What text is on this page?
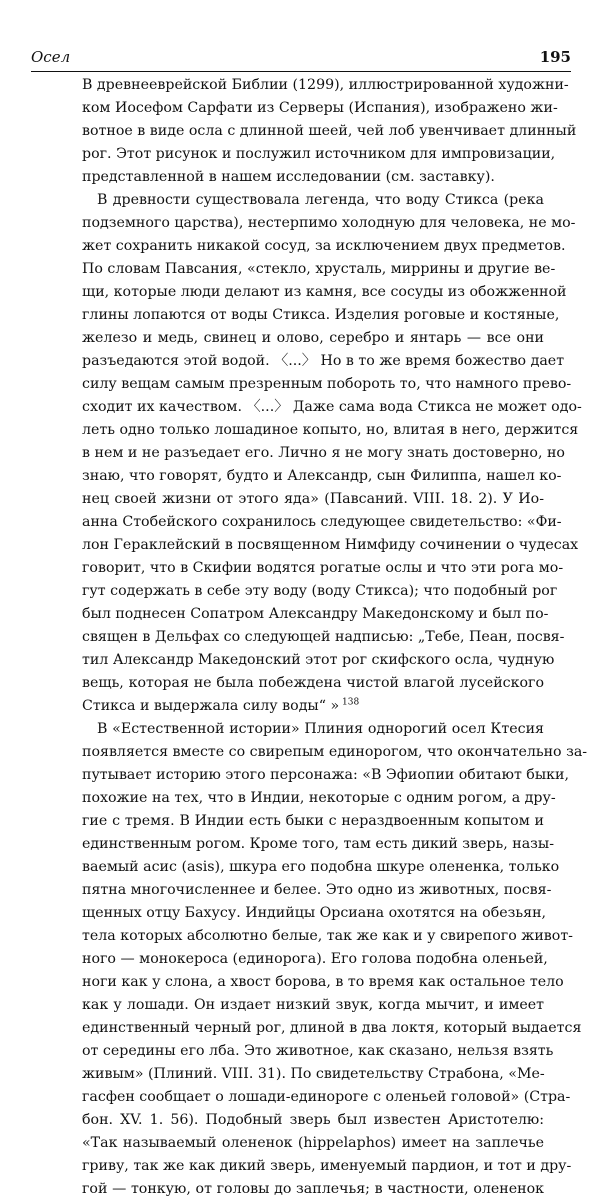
Осел	195
В древнееврейской Библии (1299), иллюстрированной художни-
ком Иосефом Сарфати из Серверы (Испания), изображено жи-
вотное в виде осла с длинной шеей, чей лоб увенчивает длинный
рог. Этот рисунок и послужил источником для импровизации,
представленной в нашем исследовании (см. заставку).
В древности существовала легенда, что воду Стикса (река
подземного царства), нестерпимо холодную для человека, не мо-
жет сохранить никакой сосуд, за исключением двух предметов.
По словам Павсания, «стекло, хрусталь, миррины и другие ве-
щи, которые люди делают из камня, все сосуды из обожженной
глины лопаются от воды Стикса. Изделия роговые и костяные,
железо и медь, свинец и олово, серебро и янтарь — все они
разъедаются этой водой. 〈...〉 Но в то же время божество дает
силу вещам самым презренным побороть то, что намного прево-
сходит их качеством. 〈...〉 Даже сама вода Стикса не может одо-
леть одно только лошадиное копыто, но, влитая в него, держится
в нем и не разъедает его. Лично я не могу знать достоверно, но
знаю, что говорят, будто и Александр, сын Филиппа, нашел ко-
нец своей жизни от этого яда» (Павсаний. VIII. 18. 2). У Ио-
анна Стобейского сохранилось следующее свидетельство: «Фи-
лон Гераклейский в посвященном Нимфиду сочинении о чудесах
говорит, что в Скифии водятся рогатые ослы и что эти рога мо-
гут содержать в себе эту воду (воду Стикса); что подобный рог
был поднесен Сопатром Александру Македонскому и был по-
священ в Дельфах со следующей надписью: „Тебе, Пеан, посвя-
тил Александр Македонский этот рог скифского осла, чудную
вещь, которая не была побеждена чистой влагой лусейского
Стикса и выдержала силу воды“ » $^{138}$
В «Естественной истории» Плиния однорогий осел Ктесия
появляется вместе со свирепым единорогом, что окончательно за-
путывает историю этого персонажа: «В Эфиопии обитают быки,
похожие на тех, что в Индии, некоторые с одним рогом, а дру-
гие с тремя. В Индии есть быки с нераздвоенным копытом и
единственным рогом. Кроме того, там есть дикий зверь, назы-
ваемый асис (asis), шкура его подобна шкуре олененка, только
пятна многочисленнее и белее. Это одно из животных, посвя-
щенных отцу Бахусу. Индийцы Орсиана охотятся на обезьян,
тела которых абсолютно белые, так же как и у свирепого живот-
ного — монокероса (единорога). Его голова подобна оленьей,
ноги как у слона, а хвост борова, в то время как остальное тело
как у лошади. Он издает низкий звук, когда мычит, и имеет
единственный черный рог, длиной в два локтя, который выдается
от середины его лба. Это животное, как сказано, нельзя взять
живым» (Плиний. VIII. 31). По свидетельству Страбона, «Ме-
гасфен сообщает о лошади-единороге с оленьей головой» (Стра-
бон. XV. 1. 56). Подобный зверь был известен Аристотелю:
«Так называемый олененок (hippelaphos) имеет на заплечье
гриву, так же как дикий зверь, именуемый пардион, и тот и дру-
гой — тонкую, от головы до заплечья; в частности, олененок
